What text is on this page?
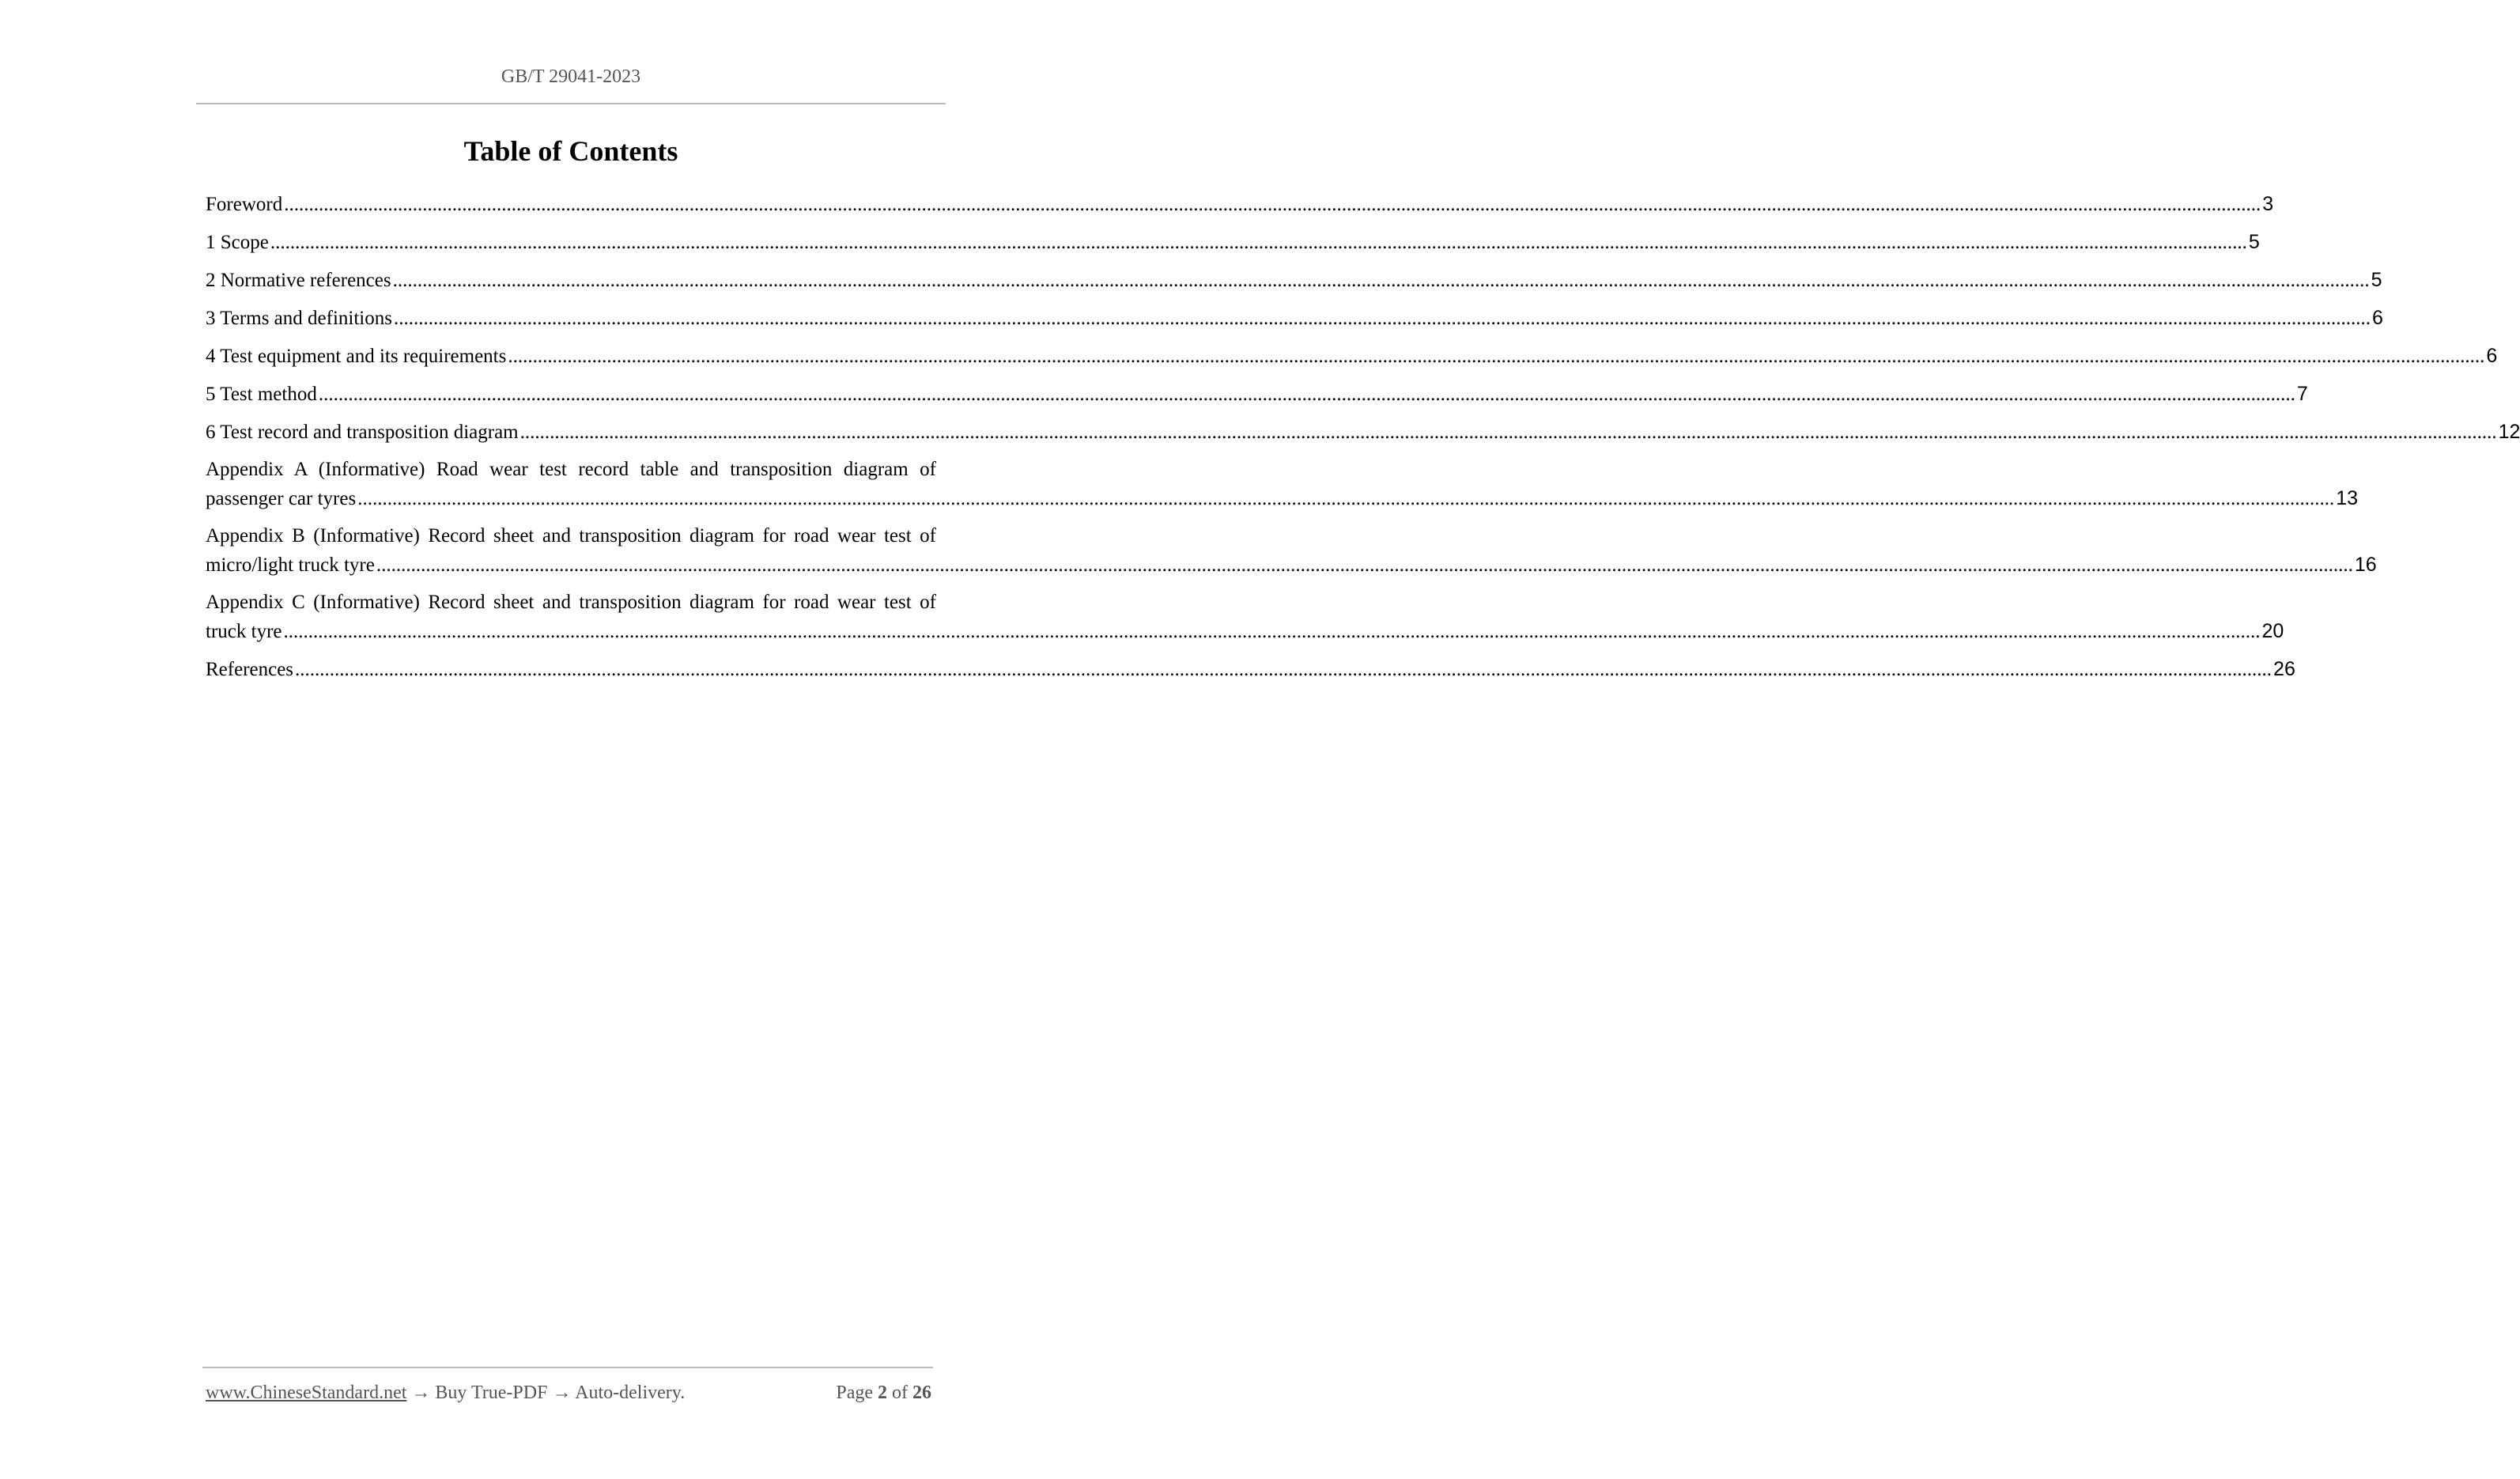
GB/T 29041-2023
Table of Contents
Foreword ................................................................................................................................................................................................................................................................................................................................................................................................................ 3
1 Scope ................................................................................................................................................................................................................................................................................................................................................................................................................ 5
2 Normative references ................................................................................................................................................................................................................................................................................................................................................................................................................ 5
3 Terms and definitions ................................................................................................................................................................................................................................................................................................................................................................................................................ 6
4 Test equipment and its requirements ................................................................................................................................................................................................................................................................................................................................................................................................................ 6
5 Test method ................................................................................................................................................................................................................................................................................................................................................................................................................ 7
6 Test record and transposition diagram ................................................................................................................................................................................................................................................................................................................................................................................................................ 12
Appendix A (Informative) Road wear test record table and transposition diagram of
passenger car tyres ................................................................................................................................................................................................................................................................................................................................................................................................................ 13
Appendix B (Informative) Record sheet and transposition diagram for road wear test of
micro/light truck tyre ................................................................................................................................................................................................................................................................................................................................................................................................................ 16
Appendix C (Informative) Record sheet and transposition diagram for road wear test of
truck tyre ................................................................................................................................................................................................................................................................................................................................................................................................................ 20
References ................................................................................................................................................................................................................................................................................................................................................................................................................ 26
www.ChineseStandard.net → Buy True-PDF → Auto-delivery.	Page 2 of 26
